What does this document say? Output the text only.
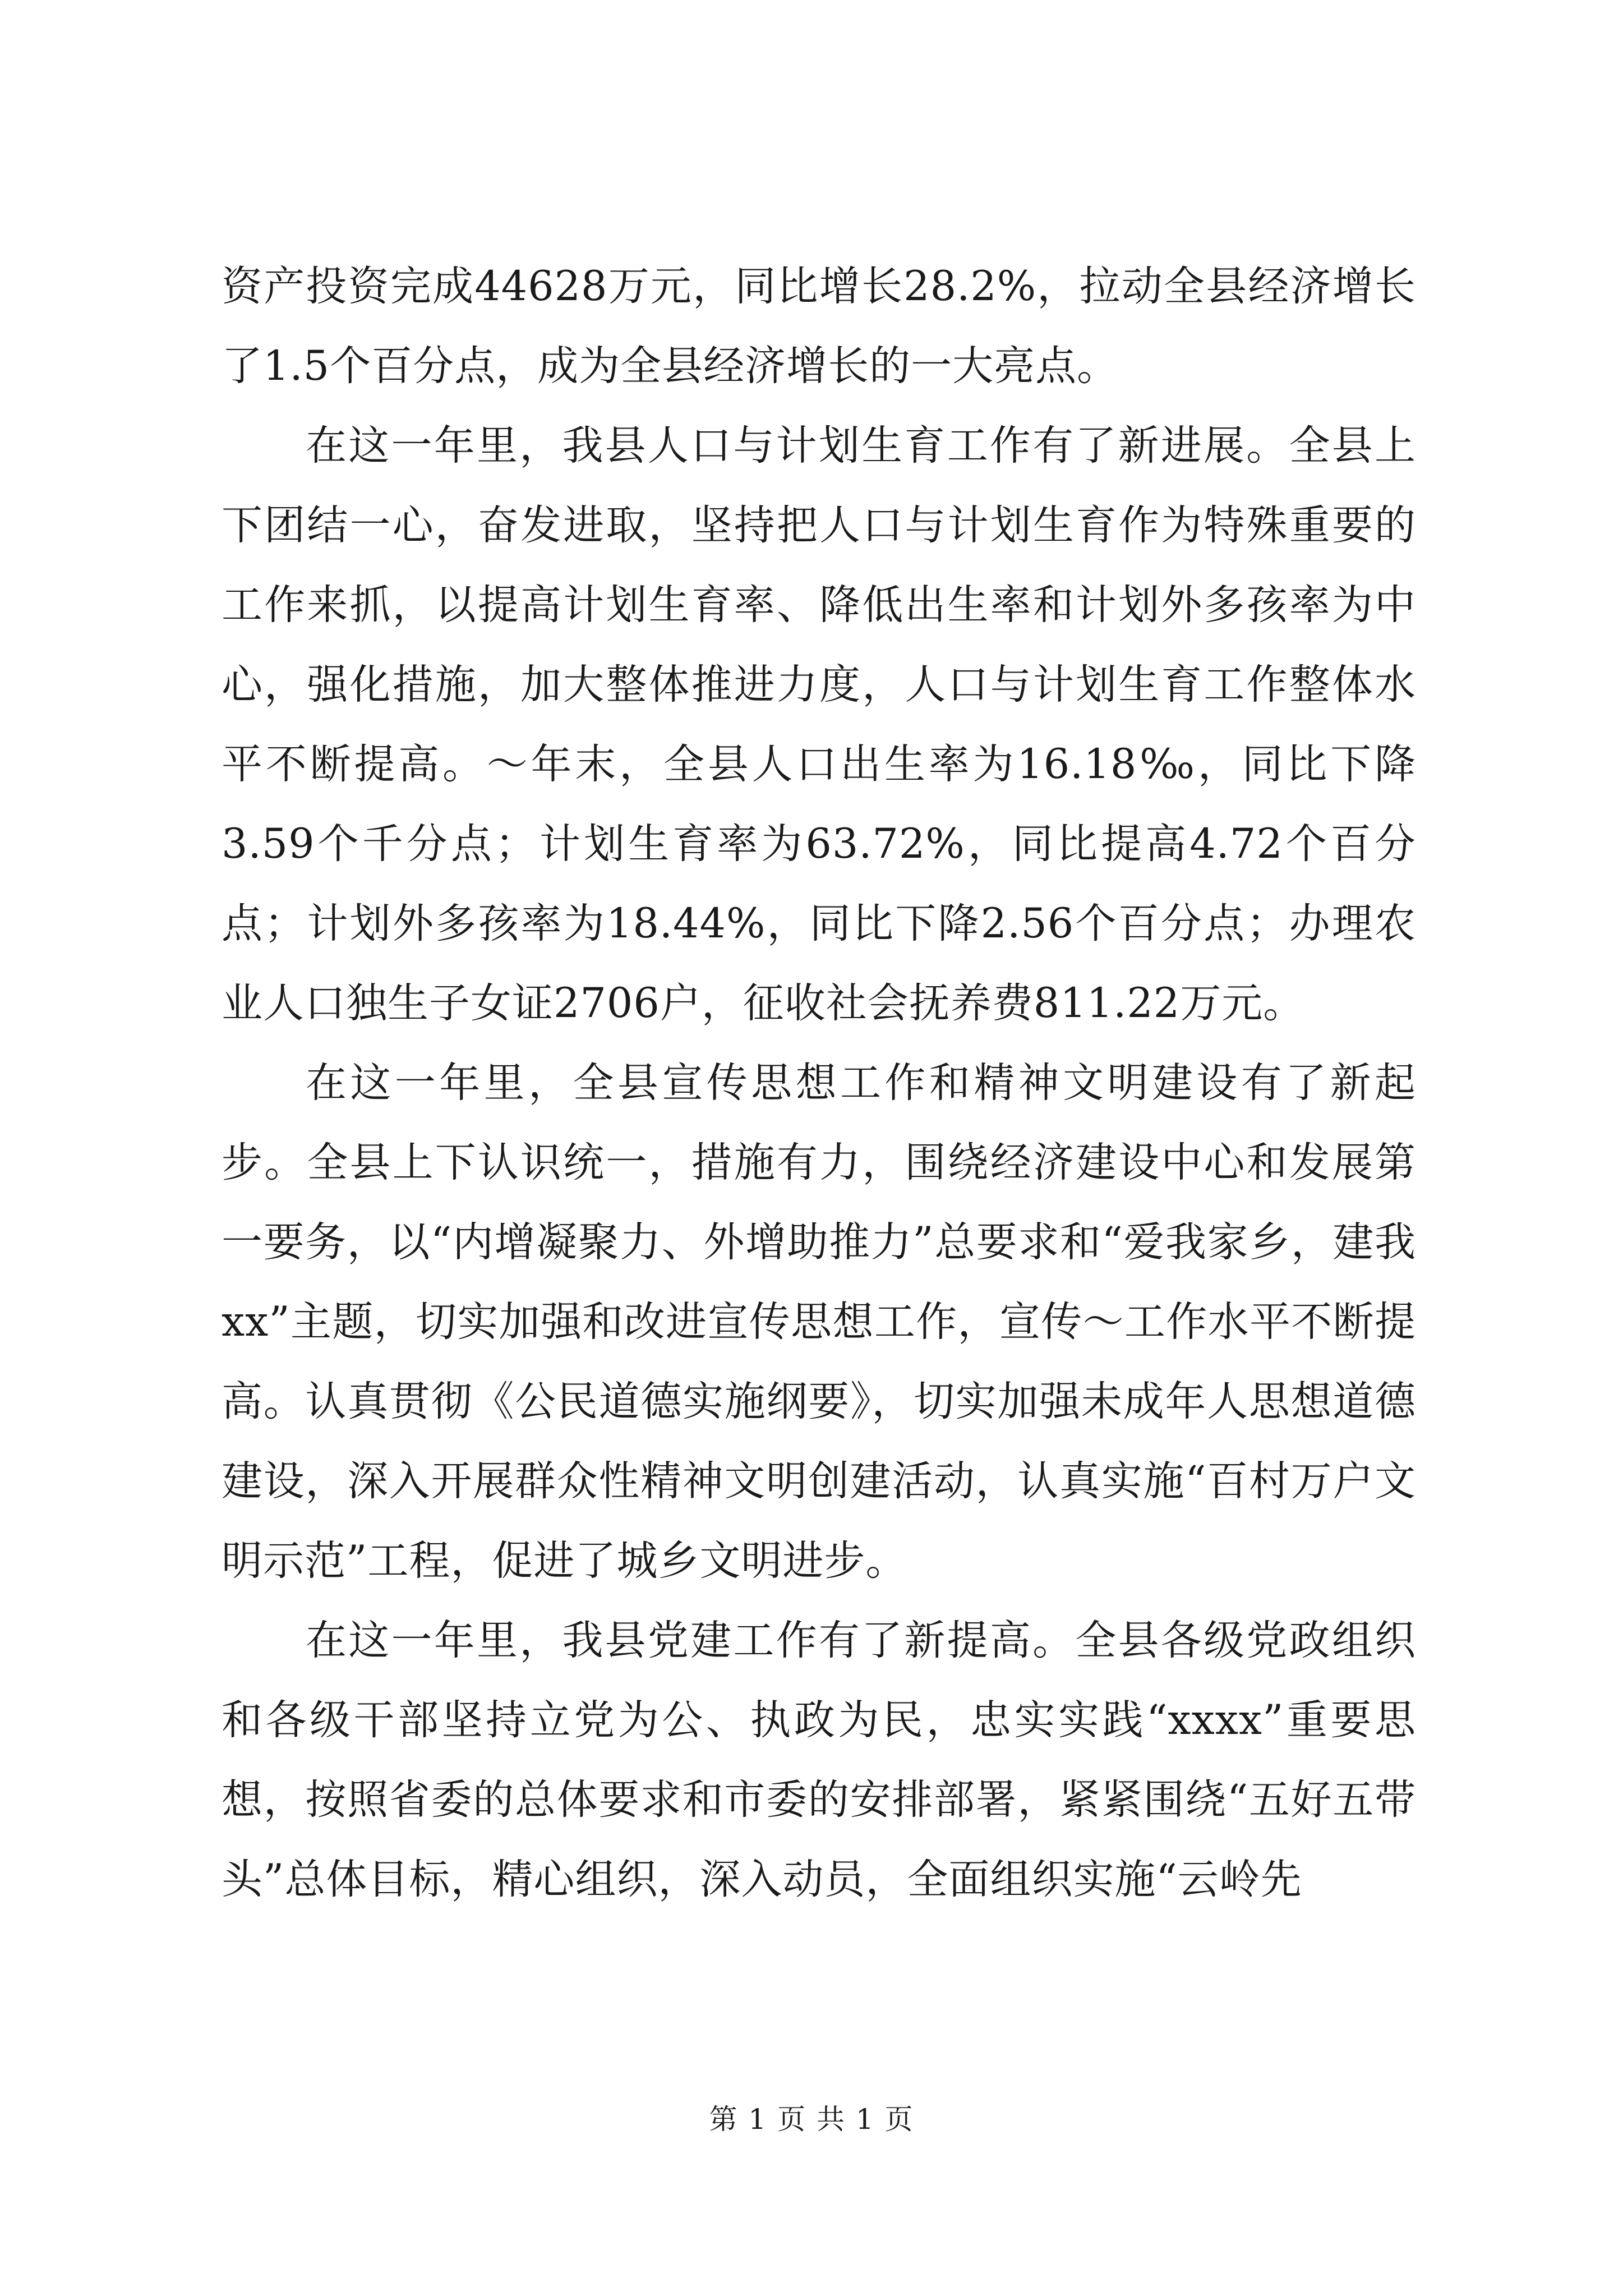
资产投资完成44628万元，同比增长28.2%，拉动全县经济增长了1.5个百分点，成为全县经济增长的一大亮点。

在这一年里，我县人口与计划生育工作有了新进展。全县上下团结一心，奋发进取，坚持把人口与计划生育作为特殊重要的工作来抓，以提高计划生育率、降低出生率和计划外多孩率为中心，强化措施，加大整体推进力度，人口与计划生育工作整体水平不断提高。～年末，全县人口出生率为16.18‰，同比下降3.59个千分点；计划生育率为63.72%，同比提高4.72个百分点；计划外多孩率为18.44%，同比下降2.56个百分点；办理农业人口独生子女证2706户，征收社会抚养费811.22万元。

在这一年里，全县宣传思想工作和精神文明建设有了新起步。全县上下认识统一，措施有力，围绕经济建设中心和发展第一要务，以“内增凝聚力、外增助推力”总要求和“爱我家乡，建我xx”主题，切实加强和改进宣传思想工作，宣传～工作水平不断提高。认真贯彻《公民道德实施纲要》，切实加强未成年人思想道德建设，深入开展群众性精神文明创建活动，认真实施“百村万户文明示范”工程，促进了城乡文明进步。

在这一年里，我县党建工作有了新提高。全县各级党政组织和各级干部坚持立党为公、执政为民，忠实实践“xxxx”重要思想，按照省委的总体要求和市委的安排部署，紧紧围绕“五好五带头”总体目标，精心组织，深入动员，全面组织实施“云岭先

第 1 页 共 1 页
